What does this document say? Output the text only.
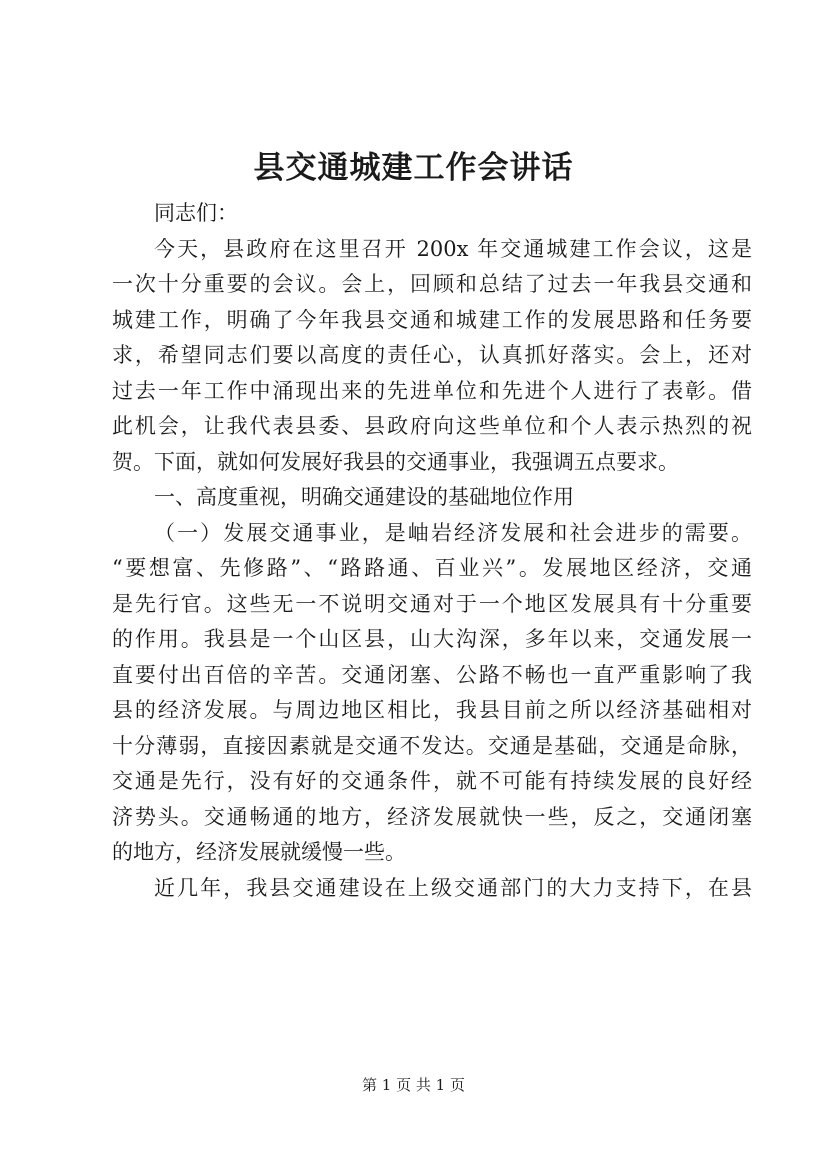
县交通城建工作会讲话
同志们：
今天，县政府在这里召开 200x 年交通城建工作会议，这是
一次十分重要的会议。会上，回顾和总结了过去一年我县交通和
城建工作，明确了今年我县交通和城建工作的发展思路和任务要
求，希望同志们要以高度的责任心，认真抓好落实。会上，还对
过去一年工作中涌现出来的先进单位和先进个人进行了表彰。借
此机会，让我代表县委、县政府向这些单位和个人表示热烈的祝
贺。下面，就如何发展好我县的交通事业，我强调五点要求。
一、高度重视，明确交通建设的基础地位作用
（一）发展交通事业，是岫岩经济发展和社会进步的需要。
“要想富、先修路”、“路路通、百业兴”。发展地区经济，交通
是先行官。这些无一不说明交通对于一个地区发展具有十分重要
的作用。我县是一个山区县，山大沟深，多年以来，交通发展一
直要付出百倍的辛苦。交通闭塞、公路不畅也一直严重影响了我
县的经济发展。与周边地区相比，我县目前之所以经济基础相对
十分薄弱，直接因素就是交通不发达。交通是基础，交通是命脉，
交通是先行，没有好的交通条件，就不可能有持续发展的良好经
济势头。交通畅通的地方，经济发展就快一些，反之，交通闭塞
的地方，经济发展就缓慢一些。
近几年，我县交通建设在上级交通部门的大力支持下，在县
第 1 页 共 1 页
